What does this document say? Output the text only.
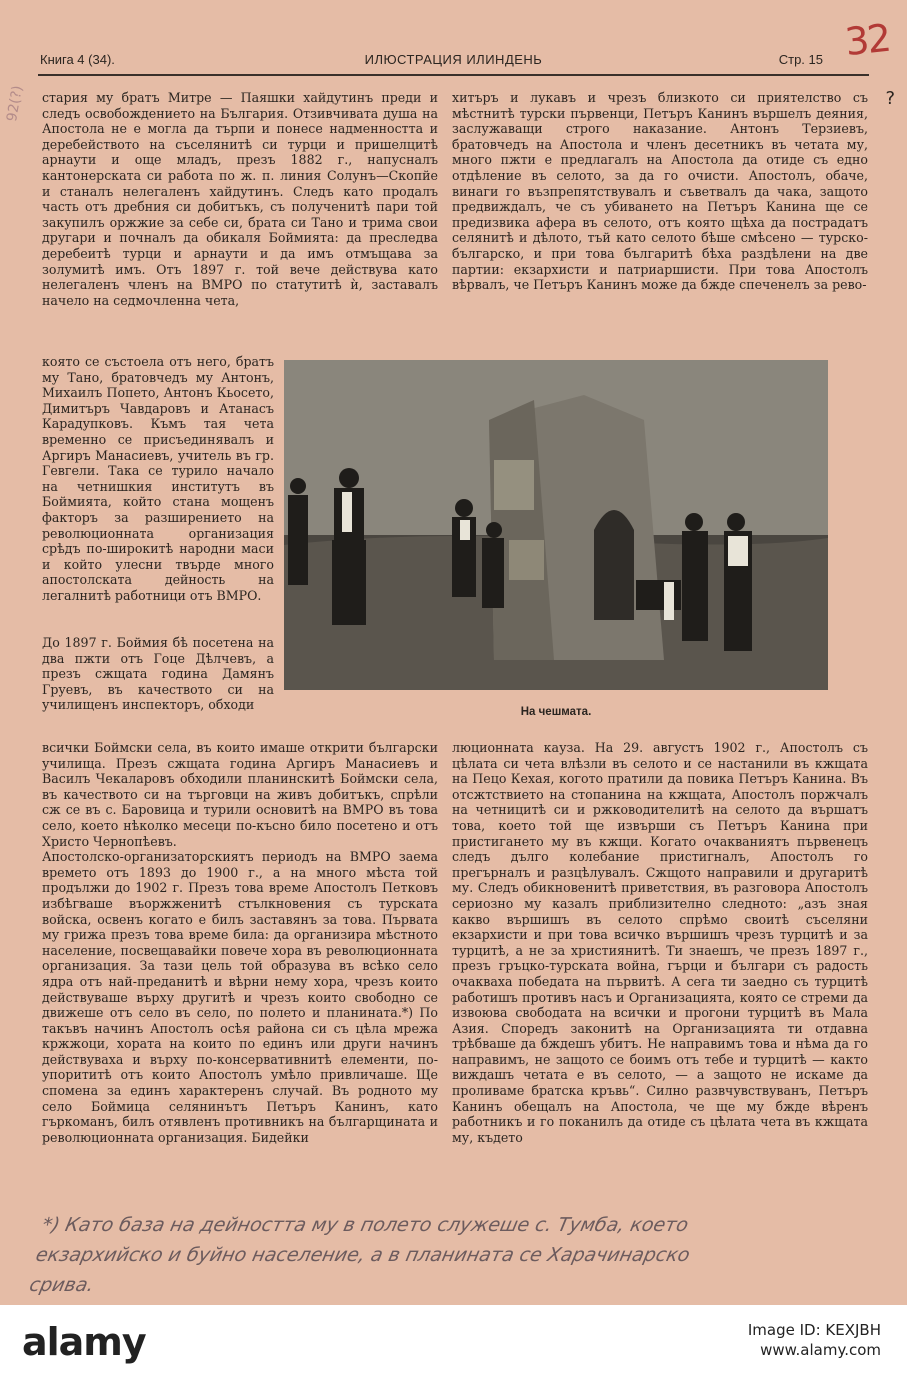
Книга 4 (34).	ИЛЮСТРАЦИЯ ИЛИНДЕНЬ	Стр. 15 32
92(?)	?
стария му братъ Митре — Паяшки хайдутинъ преди и следъ освобождението на България. Отзивчивата душа на Апостола не е могла да търпи и понесе надменността и деребейството на съселянитѣ си турци и пришелцитѣ арнаути и още младъ, презъ 1882 г., напусналъ кантонерската си работа по ж. п. линия Солунъ—Скопйе и станалъ нелегаленъ хайдутинъ. Следъ като продалъ часть отъ дребния си добитъкъ, съ полученитѣ пари той закупилъ оржжие за себе си, брата си Тано и трима свои другари и почналъ да обикаля Боймията: да преследва деребеитѣ турци и арнаути и да имъ отмъщава за золумитѣ имъ. Отъ 1897 г. той вече действува като нелегаленъ членъ на ВМРО по статутитѣ ѝ, заставалъ начело на седмочленна чета,
хитъръ и лукавъ и чрезъ близкото си приятелство съ мѣстнитѣ турски първенци, Петъръ Канинъ вършелъ деяния, заслужаващи строго наказание. Антонъ Терзиевъ, братовчедъ на Апостола и членъ десетникъ въ четата му, много пжти е предлагалъ на Апостола да отиде съ едно отдѣление въ селото, за да го очисти. Апостолъ, обаче, винаги го възпрепятствувалъ и съветвалъ да чака, защото предвиждалъ, че съ убиването на Петъръ Канина ще се предизвика афера въ селото, отъ която щѣха да пострадатъ селянитѣ и дѣлото, тъй като селото бѣше смѣсено — турско-българско, и при това българитѣ бѣха раздѣлени на две партии: екзархисти и патриаршисти. При това Апостолъ вѣрвалъ, че Петъръ Канинъ може да бжде спеченелъ за рево-
която се състоела отъ него, братъ му Тано, братовчедъ му Антонъ, Михаилъ Попето, Антонъ Кьосето, Димитъръ Чавдаровъ и Атанасъ Карадупковъ. Къмъ тая чета временно се присъединявалъ и Аргиръ Манасиевъ, учитель въ гр. Гевгели. Така се турило начало на четнишкия институтъ въ Боймията, който стана мощенъ факторъ за разширението на революционната организация срѣдъ по-широкитѣ народни маси и който улесни твърде много апостолската дейность на легалнитѣ работници отъ ВМРО.
До 1897 г. Боймия бѣ посетена на два пжти отъ Гоце Дѣлчевъ, а презъ сжщата година Дамянъ Груевъ, въ качеството си на училищенъ инспекторъ, обходи	На чешмата.
всички Боймски села, въ които имаше открити български училища. Презъ сжщата година Аргиръ Манасиевъ и Василъ Чекаларовъ обходили планинскитѣ Боймски села, въ качеството си на търговци на живъ добитъкъ, спрѣли сж се въ с. Баровица и турили основитѣ на ВМРО въ това село, което нѣколко месеци по-късно било посетено и отъ Христо Чернопѣевъ.
Апостолско-организаторскиятъ периодъ на ВМРО заема времето отъ 1893 до 1900 г., а на много мѣста той продължи до 1902 г. Презъ това време Апостолъ Петковъ избѣгваше въоржженитѣ стълкновения съ турската войска, освенъ когато е билъ заставянъ за това. Първата му грижа презъ това време била: да организира мѣстното население, посвещавайки повече хора въ революционната организация. За тази цель той образува въ всѣко село ядра отъ най-преданитѣ и вѣрни нему хора, чрезъ които действуваше върху другитѣ и чрезъ които свободно се движеше отъ село въ село, по полето и планината.*) По такъвъ начинъ Апостолъ осѣя района си съ цѣла мрежа кржжоци, хората на които по единъ или други начинъ действуваха и върху по-консервативнитѣ елементи, по-упорититѣ отъ които Апостолъ умѣло привличаше. Ще спомена за единъ характеренъ случай. Въ родното му село Боймица селянинътъ Петъръ Канинъ, като гъркоманъ, билъ отявленъ противникъ на българщината и революционната организация. Бидейки
люционната кауза. На 29. августъ 1902 г., Апостолъ съ цѣлата си чета влѣзли въ селото и се настанили въ кжщата на Пецо Кехая, когото пратили да повика Петъръ Канина. Въ отсжтствието на стопанина на кжщата, Апостолъ поржчалъ на четницитѣ си и ржководителитѣ на селото да вършатъ това, което той ще извърши съ Петъръ Канина при пристигането му въ кжщи. Когато очакваниятъ първенецъ следъ дълго колебание пристигналъ, Апостолъ го прегърналъ и разцѣлувалъ. Сжщото направили и другаритѣ му. Следъ обикновенитѣ приветствия, въ разговора Апостолъ сериозно му казалъ приблизително следното: „азъ зная какво вършишъ въ селото спрѣмо своитѣ съселяни екзархисти и при това всичко вършишъ чрезъ турцитѣ и за турцитѣ, а не за християнитѣ. Ти знаешъ, че презъ 1897 г., презъ гръцко-турската война, гърци и българи съ радость очакваха победата на първитѣ. А сега ти заедно съ турцитѣ работишъ противъ насъ и Организацията, която се стреми да извоюва свободата на всички и прогони турцитѣ въ Мала Азия. Споредъ законитѣ на Организацията ти отдавна трѣбваше да бждешъ убитъ. Не направимъ това и нѣма да го направимъ, не защото се боимъ отъ тебе и турцитѣ — както виждашъ четата е въ селото, — а защото не искаме да проливаме братска кръвь“. Силно развчувствуванъ, Петъръ Канинъ обещалъ на Апостола, че ще му бжде вѣренъ работникъ и го поканилъ да отиде съ цѣлата чета въ кжщата му, където
*) Като база на дейността му в полето служеше с. Тумба, което
екзархийско и буйно население, а в планината се Харачинарско
срива.
alamy	Image ID: KEXJBH
www.alamy.com
